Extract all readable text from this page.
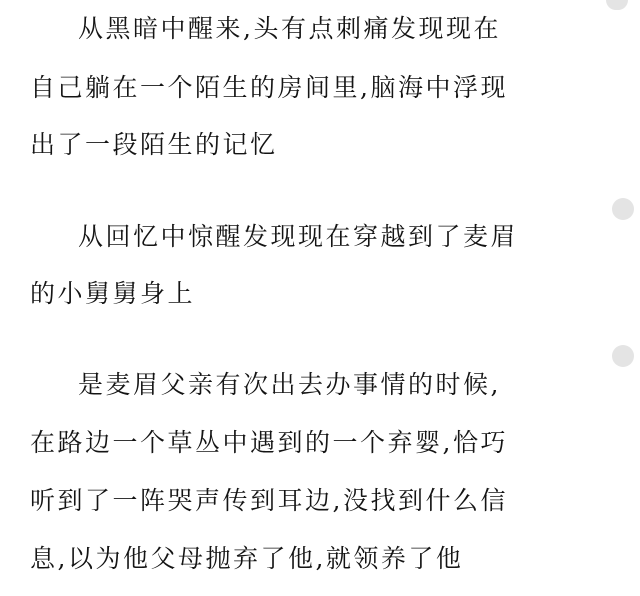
从黑暗中醒来,头有点刺痛发现现在
自己躺在一个陌生的房间里,脑海中浮现
出了一段陌生的记忆
从回忆中惊醒发现现在穿越到了麦眉
的小舅舅身上
是麦眉父亲有次出去办事情的时候,
在路边一个草丛中遇到的一个弃婴,恰巧
听到了一阵哭声传到耳边,没找到什么信
息,以为他父母抛弃了他,就领养了他
